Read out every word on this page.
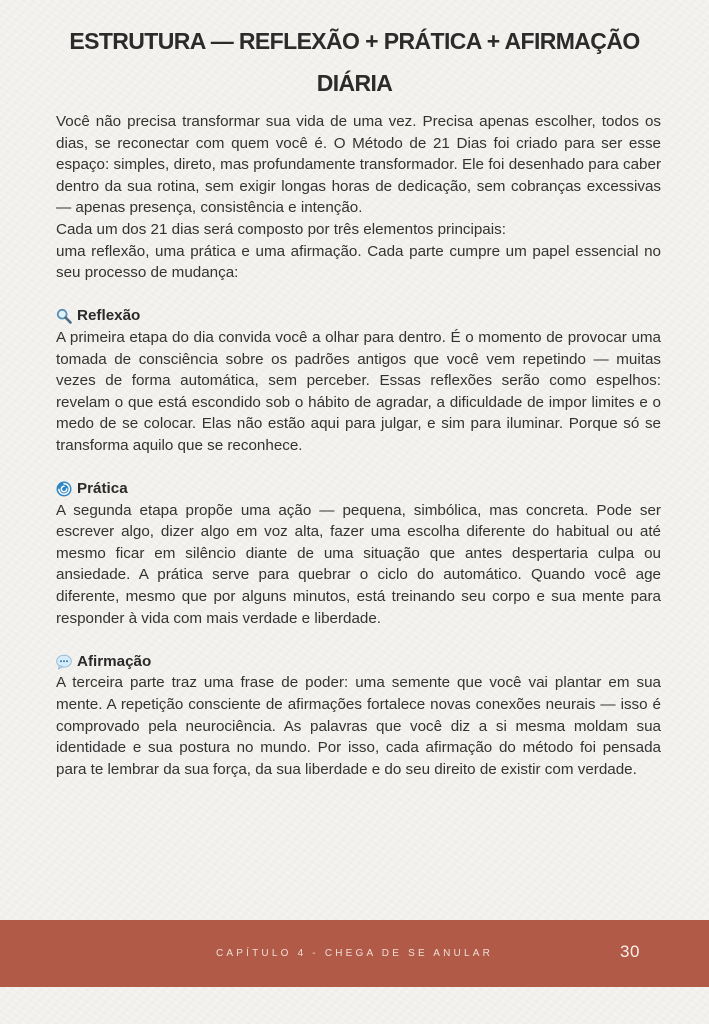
ESTRUTURA — REFLEXÃO + PRÁTICA + AFIRMAÇÃO DIÁRIA

Você não precisa transformar sua vida de uma vez. Precisa apenas escolher, todos os dias, se reconectar com quem você é. O Método de 21 Dias foi criado para ser esse espaço: simples, direto, mas profundamente transformador. Ele foi desenhado para caber dentro da sua rotina, sem exigir longas horas de dedicação, sem cobranças excessivas — apenas presença, consistência e intenção.

Cada um dos 21 dias será composto por três elementos principais:

uma reflexão, uma prática e uma afirmação. Cada parte cumpre um papel essencial no seu processo de mudança:

Reflexão

A primeira etapa do dia convida você a olhar para dentro. É o momento de provocar uma tomada de consciência sobre os padrões antigos que você vem repetindo — muitas vezes de forma automática, sem perceber. Essas reflexões serão como espelhos: revelam o que está escondido sob o hábito de agradar, a dificuldade de impor limites e o medo de se colocar. Elas não estão aqui para julgar, e sim para iluminar. Porque só se transforma aquilo que se reconhece.

Prática

A segunda etapa propõe uma ação — pequena, simbólica, mas concreta. Pode ser escrever algo, dizer algo em voz alta, fazer uma escolha diferente do habitual ou até mesmo ficar em silêncio diante de uma situação que antes despertaria culpa ou ansiedade. A prática serve para quebrar o ciclo do automático. Quando você age diferente, mesmo que por alguns minutos, está treinando seu corpo e sua mente para responder à vida com mais verdade e liberdade.

Afirmação

A terceira parte traz uma frase de poder: uma semente que você vai plantar em sua mente. A repetição consciente de afirmações fortalece novas conexões neurais — isso é comprovado pela neurociência. As palavras que você diz a si mesma moldam sua identidade e sua postura no mundo. Por isso, cada afirmação do método foi pensada para te lembrar da sua força, da sua liberdade e do seu direito de existir com verdade.

CAPÍTULO 4 - CHEGA DE SE ANULAR	30
